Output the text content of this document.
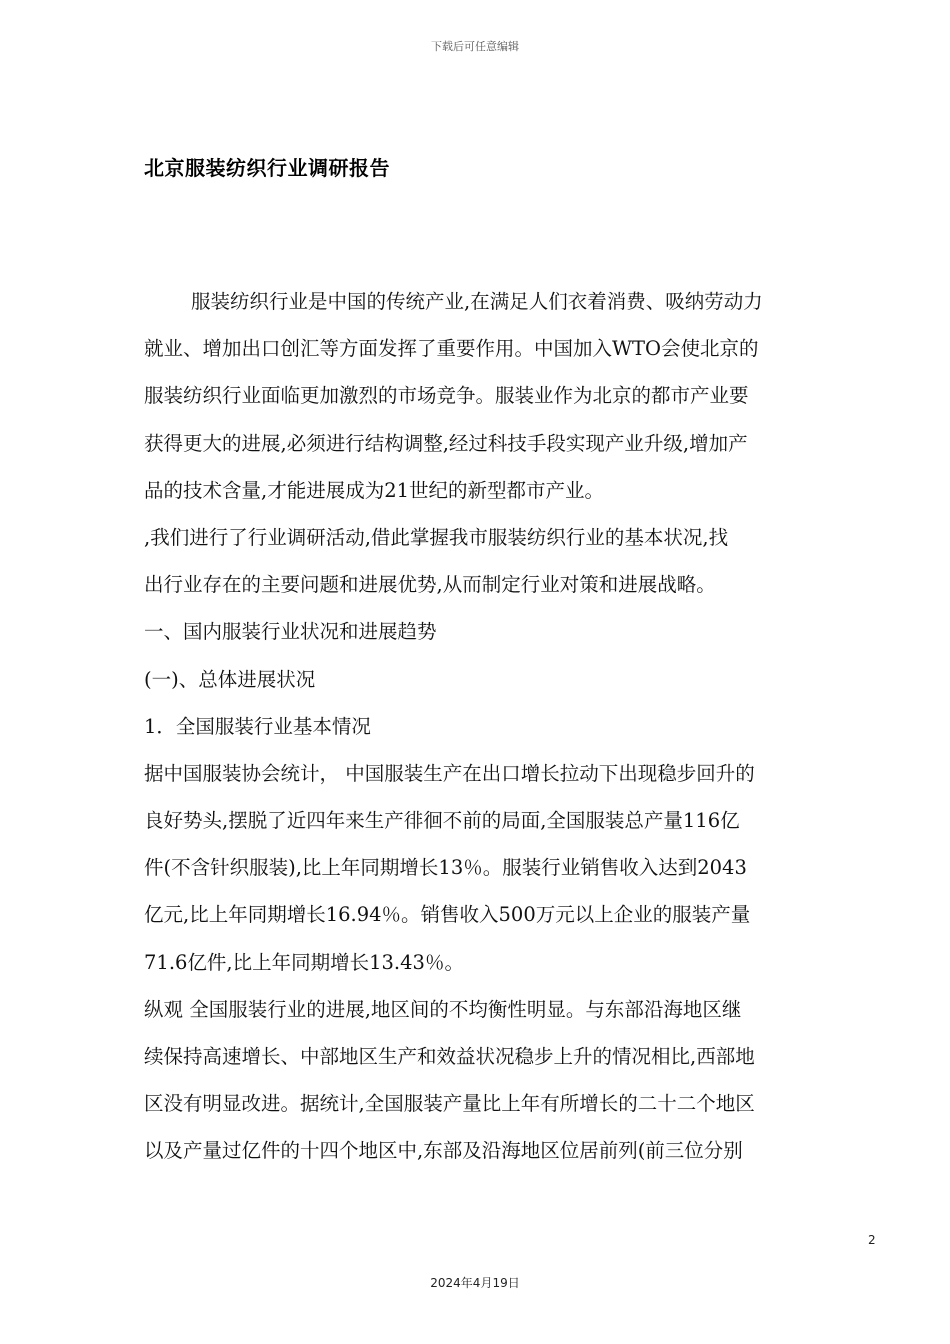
下载后可任意编辑
北京服装纺织行业调研报告
服装纺织行业是中国的传统产业,在满足人们衣着消费、吸纳劳动力
就业、增加出口创汇等方面发挥了重要作用。中国加入WTO会使北京的
服装纺织行业面临更加激烈的市场竞争。服装业作为北京的都市产业要
获得更大的进展,必须进行结构调整,经过科技手段实现产业升级,增加产
品的技术含量,才能进展成为21世纪的新型都市产业。
,我们进行了行业调研活动,借此掌握我市服装纺织行业的基本状况,找
出行业存在的主要问题和进展优势,从而制定行业对策和进展战略。
一、国内服装行业状况和进展趋势
(一)、总体进展状况
1．全国服装行业基本情况
据中国服装协会统计， 中国服装生产在出口增长拉动下出现稳步回升的
良好势头,摆脱了近四年来生产徘徊不前的局面,全国服装总产量116亿
件(不含针织服装),比上年同期增长13％。服装行业销售收入达到2043
亿元,比上年同期增长16.94％。销售收入500万元以上企业的服装产量
71.6亿件,比上年同期增长13.43％。
纵观 全国服装行业的进展,地区间的不均衡性明显。与东部沿海地区继
续保持高速增长、中部地区生产和效益状况稳步上升的情况相比,西部地
区没有明显改进。据统计,全国服装产量比上年有所增长的二十二个地区
以及产量过亿件的十四个地区中,东部及沿海地区位居前列(前三位分别
2
2024年4月19日
